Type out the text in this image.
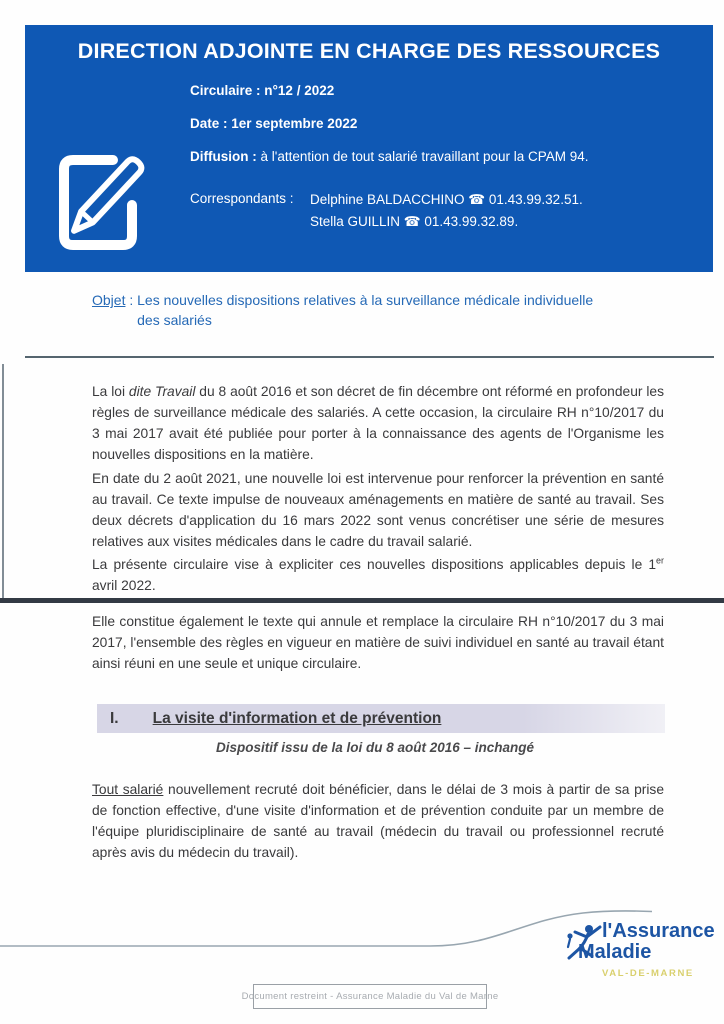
DIRECTION ADJOINTE EN CHARGE DES RESSOURCES
Circulaire : n°12 / 2022
Date : 1er septembre 2022
Diffusion : à l'attention de tout salarié travaillant pour la CPAM 94.
Correspondants :	Delphine BALDACCHINO ☎ 01.43.99.32.51.
Stella GUILLIN ☎ 01.43.99.32.89.
Objet : Les nouvelles dispositions relatives à la surveillance médicale individuelle des salariés

La loi dite Travail du 8 août 2016 et son décret de fin décembre ont réformé en profondeur les règles de surveillance médicale des salariés. A cette occasion, la circulaire RH n°10/2017 du 3 mai 2017 avait été publiée pour porter à la connaissance des agents de l'Organisme les nouvelles dispositions en la matière.

En date du 2 août 2021, une nouvelle loi est intervenue pour renforcer la prévention en santé au travail. Ce texte impulse de nouveaux aménagements en matière de santé au travail. Ses deux décrets d'application du 16 mars 2022 sont venus concrétiser une série de mesures relatives aux visites médicales dans le cadre du travail salarié.

La présente circulaire vise à expliciter ces nouvelles dispositions applicables depuis le 1er avril 2022.

Elle constitue également le texte qui annule et remplace la circulaire RH n°10/2017 du 3 mai 2017, l'ensemble des règles en vigueur en matière de suivi individuel en santé au travail étant ainsi réuni en une seule et unique circulaire.

I. La visite d'information et de prévention
Dispositif issu de la loi du 8 août 2016 – inchangé

Tout salarié nouvellement recruté doit bénéficier, dans le délai de 3 mois à partir de sa prise de fonction effective, d'une visite d'information et de prévention conduite par un membre de l'équipe pluridisciplinaire de santé au travail (médecin du travail ou professionnel recruté après avis du médecin du travail).

l'Assurance
Maladie
VAL-DE-MARNE
Document restreint - Assurance Maladie du Val de Marne
